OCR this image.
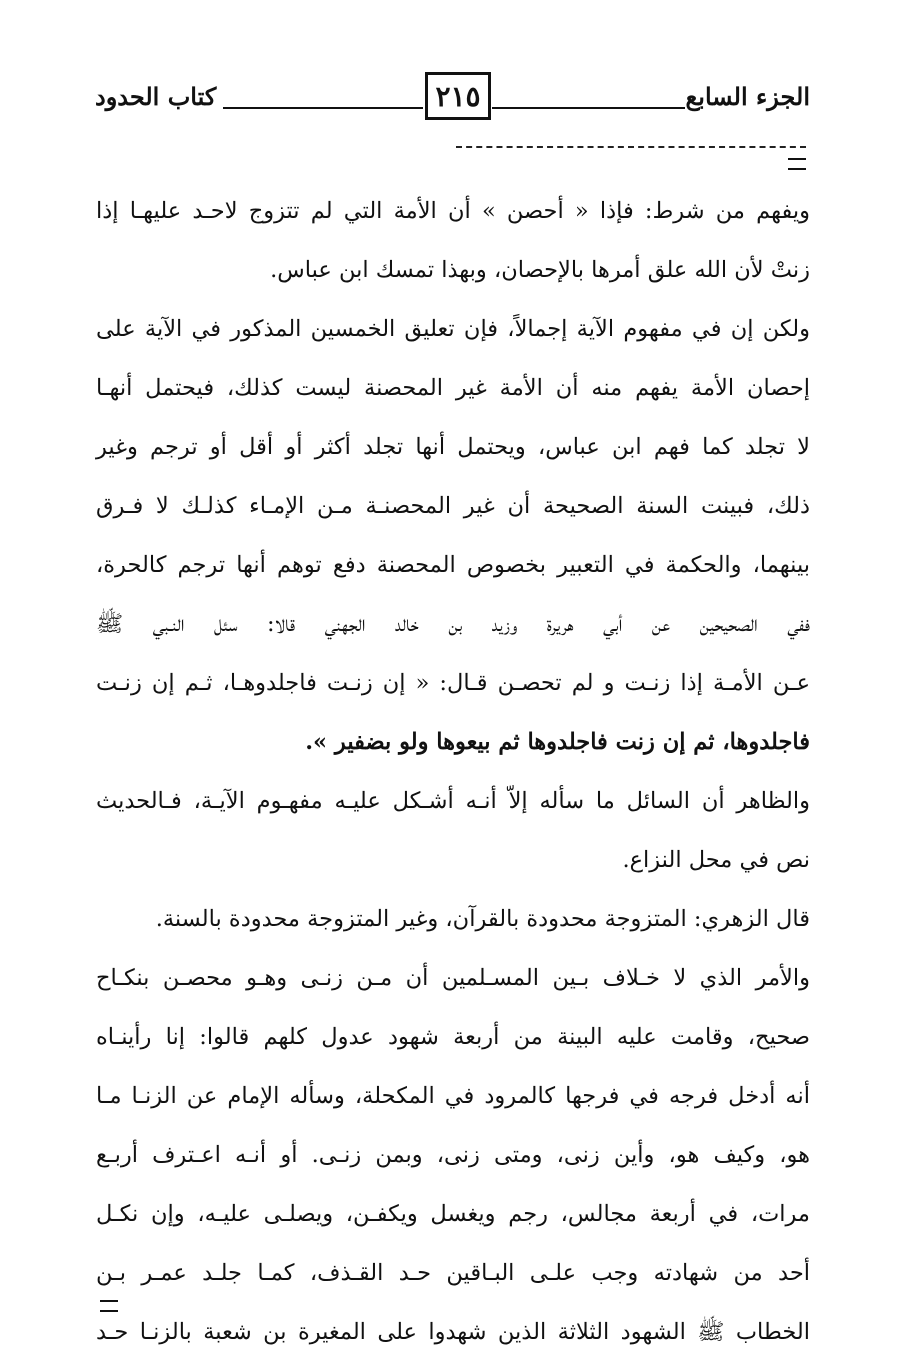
الجزء السابع
٢١٥
كتاب الحدود

ويفهم من شرط: فإذا « أحصن » أن الأمة التي لم تتزوج لاحـد عليهـا إذا
زنتْ لأن الله علق أمرها بالإحصان، وبهذا تمسك ابن عباس.

ولكن إن في مفهوم الآية إجمالاً، فإن تعليق الخمسين المذكور في الآية على
إحصان الأمة يفهم منه أن الأمة غير المحصنة ليست كذلك، فيحتمل أنهـا
لا تجلد كما فهم ابن عباس، ويحتمل أنها تجلد أكثر أو أقل أو ترجم وغير
ذلك، فبينت السنة الصحيحة أن غير المحصنـة مـن الإمـاء كذلـك لا فـرق
بينهما، والحكمة في التعبير بخصوص المحصنة دفع توهم أنها ترجم كالحرة،
ففي الصحيحين عن أبي هريرة وزيد بن خالد الجهني قالا: سئل النـبي ﷺ
عـن الأمـة إذا زنـت و لم تحصـن قـال: « إن زنـت فاجلدوهـا، ثـم إن زنـت
فاجلدوها، ثم إن زنت فاجلدوها ثم بيعوها ولو بضفير ».

والظاهر أن السائل ما سأله إلاّ أنـه أشـكل عليـه مفهـوم الآيـة، فـالحديث
نص في محل النزاع.

قال الزهري: المتزوجة محدودة بالقرآن، وغير المتزوجة محدودة بالسنة.

والأمر الذي لا خـلاف بـين المسـلمين أن مـن زنـى وهـو محصـن بنكـاح
صحيح، وقامت عليه البينة من أربعة شهود عدول كلهم قالوا: إنا رأينـاه
أنه أدخل فرجه في فرجها كالمرود في المكحلة، وسأله الإمام عن الزنـا مـا
هو، وكيف هو، وأين زنى، ومتى زنى، وبمن زنـى. أو أنـه اعـترف أربـع
مرات، في أربعة مجالس، رجم ويغسل ويكفـن، ويصلـى عليـه، وإن نكـل
أحد من شهادته وجب علـى البـاقين حـد القـذف، كمـا جلـد عمـر بـن
الخطاب ﷺ الشهود الثلاثة الذين شهدوا على المغيرة بن شعبة بالزنـا حـد
